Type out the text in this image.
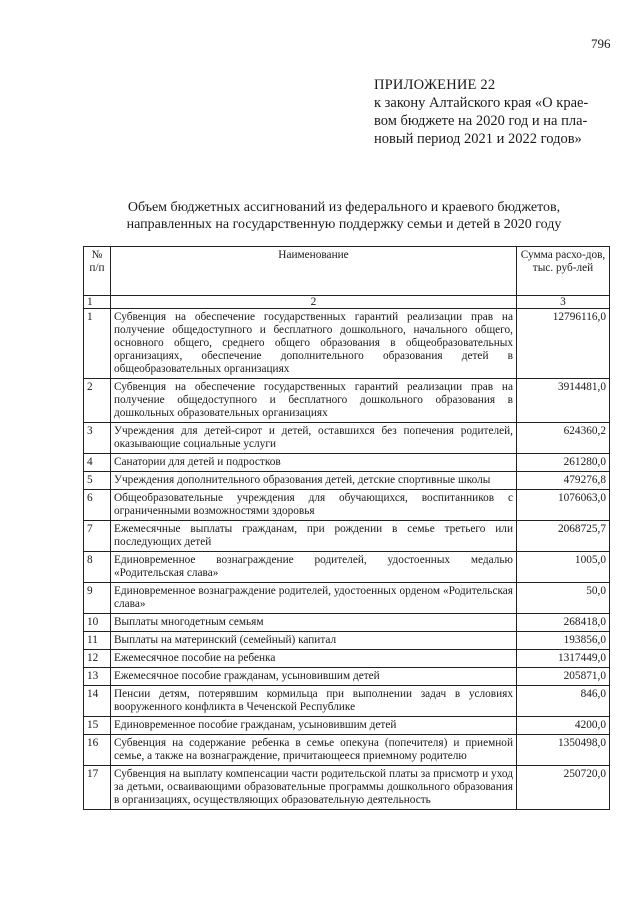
796
ПРИЛОЖЕНИЕ 22
к закону Алтайского края «О крае-
вом бюджете на 2020 год и на пла-
новый период 2021 и 2022 годов»
Объем бюджетных ассигнований из федерального и краевого бюджетов,
направленных на государственную поддержку семьи и детей в 2020 году
№ п/п	Наименование	Сумма расхо-дов, тыс. руб-лей
1	2	3
1	Субвенция на обеспечение государственных гарантий реализации прав на получение общедоступного и бесплатного дошкольного, начального общего, основного общего, среднего общего образования в общеобразовательных организациях, обеспечение дополнительного образования детей в общеобразовательных организациях	12796116,0
2	Субвенция на обеспечение государственных гарантий реализации прав на получение общедоступного и бесплатного дошкольного образования в дошкольных образовательных организациях	3914481,0
3	Учреждения для детей-сирот и детей, оставшихся без попечения родителей, оказывающие социальные услуги	624360,2
4	Санатории для детей и подростков	261280,0
5	Учреждения дополнительного образования детей, детские спортивные школы	479276,8
6	Общеобразовательные учреждения для обучающихся, воспитанников с ограниченными возможностями здоровья	1076063,0
7	Ежемесячные выплаты гражданам, при рождении в семье третьего или последующих детей	2068725,7
8	Единовременное вознаграждение родителей, удостоенных медалью «Родительская слава»	1005,0
9	Единовременное вознаграждение родителей, удостоенных орденом «Родительская слава»	50,0
10	Выплаты многодетным семьям	268418,0
11	Выплаты на материнский (семейный) капитал	193856,0
12	Ежемесячное пособие на ребенка	1317449,0
13	Ежемесячное пособие гражданам, усыновившим детей	205871,0
14	Пенсии детям, потерявшим кормильца при выполнении задач в условиях вооруженного конфликта в Чеченской Республике	846,0
15	Единовременное пособие гражданам, усыновившим детей	4200,0
16	Субвенция на содержание ребенка в семье опекуна (попечителя) и приемной семье, а также на вознаграждение, причитающееся приемному родителю	1350498,0
17	Субвенция на выплату компенсации части родительской платы за присмотр и уход за детьми, осваивающими образовательные программы дошкольного образования в организациях, осуществляющих образовательную деятельность	250720,0
